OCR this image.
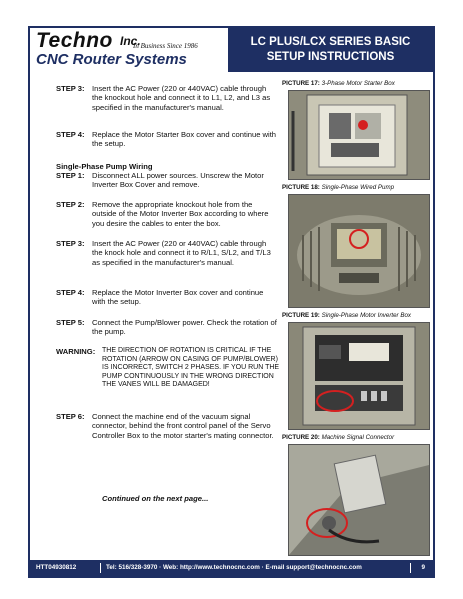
Techno Inc.
In Business Since 1986
CNC Router Systems
LC PLUS/LCX SERIES BASIC
SETUP INSTRUCTIONS
STEP 3: Insert the AC Power (220 or 440VAC) cable through the knockout hole and connect it to L1, L2, and L3 as specified in the manufacturer's manual.
STEP 4: Replace the Motor Starter Box cover and continue with the setup.
Single-Phase Pump Wiring
STEP 1: Disconnect ALL power sources. Unscrew the Motor Inverter Box Cover and remove.
STEP 2: Remove the appropriate knockout hole from the outside of the Motor Inverter Box according to where you desire the cables to enter the box.
STEP 3: Insert the AC Power (220 or 440VAC) cable through the knock hole and connect it to R/L1, S/L2, and T/L3 as specified in the manufacturer's manual.
STEP 4: Replace the Motor Inverter Box cover and continue with the setup.
STEP 5: Connect the Pump/Blower power. Check the rotation of the pump.
WARNING: THE DIRECTION OF ROTATION IS CRITICAL IF THE ROTATION (ARROW ON CASING OF PUMP/BLOWER) IS INCORRECT, SWITCH 2 PHASES. IF YOU RUN THE PUMP CONTINUOUSLY IN THE WRONG DIRECTION THE VANES WILL BE DAMAGED!
STEP 6: Connect the machine end of the vacuum signal connector, behind the front control panel of the Servo Controller Box to the motor starter's mating connector.
Continued on the next page...
PICTURE 17: 3-Phase Motor Starter Box
PICTURE 18: Single-Phase Wired Pump
PICTURE 19: Single-Phase Motor Inverter Box
PICTURE 20: Machine Signal Connector
HTT04930812	Tel: 516/328-3970 · Web: http://www.technocnc.com · E-mail support@technocnc.com	9
